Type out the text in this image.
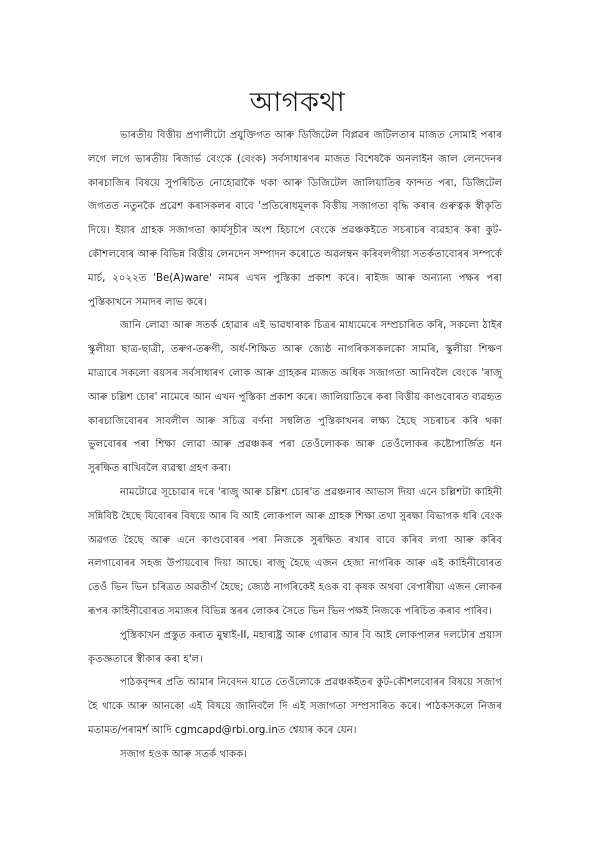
আগকথা

ভাৰতীয় বিত্তীয় প্ৰণালীটো প্ৰযুক্তিগত আৰু ডিজিটেল বিপ্লৱৰ জটিলতাৰ মাজত সোমাই পৰাৰ লগে লগে ভাৰতীয় ৰিজাৰ্ভ বেংকে (বেংক) সৰ্বসাধাৰণৰ মাজত বিশেষকৈ অনলাইন জাল লেনদেনৰ কাৰচাজিৰ বিষয়ে সুপৰিচিত নোহোৱাকৈ থকা আৰু ডিজিটেল জালিয়াতিৰ ফান্দত পৰা, ডিজিটেল জগতত নতুনকৈ প্ৰৱেশ কৰাসকলৰ বাবে 'প্ৰতিৰোধমূলক বিত্তীয় সজাগতা বৃদ্ধি কৰাৰ গুৰুত্বক স্বীকৃতি দিয়ে। ইয়াৰ গ্ৰাহক সজাগতা কাৰ্যসূচীৰ অংশ হিচাপে বেংকে প্ৰৱঞ্চকইতে সচৰাচৰ ব্যৱহাৰ কৰা কুট-কৌশলবোৰ আৰু বিভিন্ন বিত্তীয় লেনদেন সম্পাদন কৰোতে অৱলম্বন কৰিবলগীয়া সতৰ্কতাবোৰৰ সম্পৰ্কে মাৰ্চ, ২০২২ত 'Be(A)ware' নামৰ এখন পুস্তিকা প্ৰকাশ কৰে। ৰাইজ আৰু অন্যান্য পক্ষৰ পৰা পুস্তিকাখনে সমাদৰ লাভ কৰে।

জানি লোৱা আৰু সতৰ্ক হোৱাৰ এই ভাৱধাৰাক চিত্ৰৰ মাধ্যমেৰে সম্প্ৰচাৰিত কৰি, সকলো ঠাইৰ স্কুলীয়া ছাত্ৰ-ছাত্ৰী, তৰুণ-তৰুণী, অৰ্ধ-শিক্ষিত আৰু জ্যেষ্ঠ নাগৰিকসকলকো সামৰি, স্কুলীয়া শিক্ষণ মাত্ৰাৰে সকলো বয়সৰ সৰ্বসাধাৰণ লোক আৰু গ্ৰাহকৰ মাজত অধিক সজাগতা আনিবলৈ বেংকে 'ৰাজু আৰু চল্লিশ চোৰ' নামেৰে আন এখন পুস্তিকা প্ৰকাশ কৰে। জালিয়াতিৰে কৰা বিত্তীয় কাণ্ডবোৰত ব্যৱহৃত কাৰচাজিবোৰৰ সাবলীল আৰু সচিত্ৰ বৰ্ণনা সম্বলিত পুস্তিকাখনৰ লক্ষ্য হৈছে সচৰাচৰ কৰি থকা ভুলবোৰৰ পৰা শিক্ষা লোৱা আৰু প্ৰৱঞ্চকৰ পৰা তেওঁলোকক আৰু তেওঁলোকৰ কষ্টোপাৰ্জিত ধন সুৰক্ষিত ৰাখিবলৈ ব্যৱস্থা গ্ৰহণ কৰা।

নামটোৱে সূচোৱাৰ দৰে 'ৰাজু আৰু চল্লিশ চোৰ'ত প্ৰৱঞ্চনাৰ আভাস দিয়া এনে চল্লিশটা কাহিনী সন্নিবিষ্ট হৈছে যিবোৰৰ বিষয়ে আৰ বি আই লোকপাল আৰু গ্ৰাহক শিক্ষা তথা সুৰক্ষা বিভাগক ধৰি বেংক অৱগত হৈছে আৰু এনে কাণ্ডবোৰৰ পৰা নিজকে সুৰক্ষিত ৰখাৰ বাবে কৰিব লগা আৰু কৰিব নলগাবোৰৰ সহজ উপায়বোৰ দিয়া আছে। ৰাজু হৈছে এজন হেজা নাগৰিক আৰু এই কাহিনীবোৰত তেওঁ ভিন ভিন চৰিত্ৰত অৱতীৰ্ণ হৈছে; জ্যেষ্ঠ নাগৰিকেই হওক বা কৃষক অথবা বেপাৰীয়া এজন লোকৰ ৰূপৰ কাহিনীবোৰত সমাজৰ বিভিন্ন স্তৰৰ লোকৰ সৈতে ভিন ভিন পক্ষই নিজকে পৰিচিত কৰাব পাৰিব।

পুস্তিকাখন প্ৰস্তুত কৰাত মুম্বাই-II, মহাৰাষ্ট্ৰ আৰু গোৱাৰ আৰ বি আই লোকপালৰ দলটোৰ প্ৰয়াস কৃতজ্ঞতাৰে স্বীকাৰ কৰা হ'ল।

পাঠকবৃন্দৰ প্ৰতি আমাৰ নিবেদন যাতে তেওঁলোকে প্ৰৱঞ্চকইতৰ কুট-কৌশলবোৰৰ বিষয়ে সজাগ হৈ থাকে আৰু আনকো এই বিষয়ে জানিবলৈ দি এই সজাগতা সম্প্ৰসাৰিত কৰে। পাঠকসকলে নিজৰ মতামত/পৰামৰ্শ আদি cgmcapd@rbi.org.inত শ্বেয়াৰ কৰে যেন।

সজাগ হওক আৰু সতৰ্ক থাকক।
